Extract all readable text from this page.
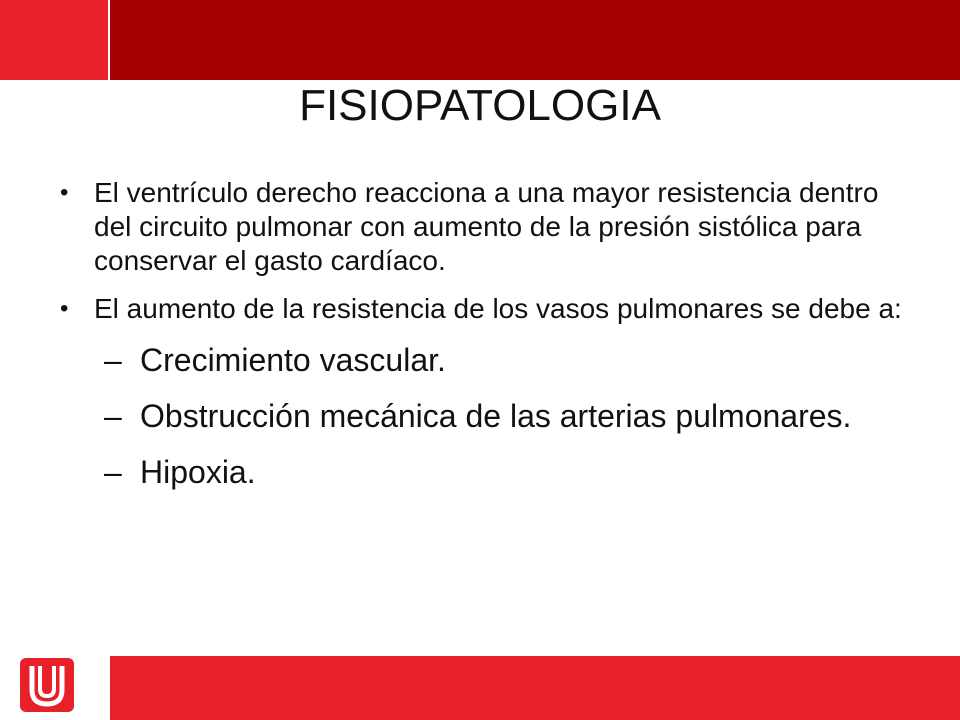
FISIOPATOLOGIA
• El ventrículo derecho reacciona a una mayor resistencia dentro del circuito pulmonar con aumento de la presión sistólica para conservar el gasto cardíaco.
• El aumento de la resistencia de los vasos pulmonares se debe a:
– Crecimiento vascular.
– Obstrucción mecánica de las arterias pulmonares.
– Hipoxia.
